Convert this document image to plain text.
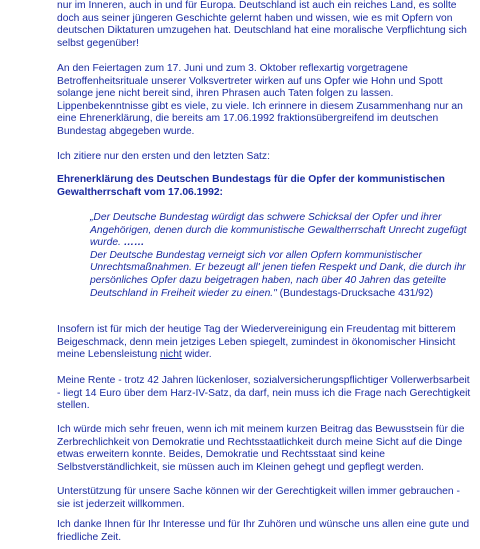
nur im Inneren, auch in und für Europa. Deutschland ist auch ein reiches Land, es sollte doch aus seiner jüngeren Geschichte gelernt haben und wissen, wie es mit Opfern von deutschen Diktaturen umzugehen hat. Deutschland hat eine moralische Verpflichtung sich selbst gegenüber!

An den Feiertagen zum 17. Juni und zum 3. Oktober reflexartig vorgetragene Betroffenheitsrituale unserer Volksvertreter wirken auf uns Opfer wie Hohn und Spott solange jene nicht bereit sind, ihren Phrasen auch Taten folgen zu lassen. Lippenbekenntnisse gibt es viele, zu viele. Ich erinnere in diesem Zusammenhang nur an eine Ehrenerklärung, die bereits am 17.06.1992 fraktionsübergreifend im deutschen Bundestag abgegeben wurde.

Ich zitiere nur den ersten und den letzten Satz:

Ehrenerklärung des Deutschen Bundestags für die Opfer der kommunistischen Gewaltherrschaft vom 17.06.1992:

„Der Deutsche Bundestag würdigt das schwere Schicksal der Opfer und ihrer Angehörigen, denen durch die kommunistische Gewaltherrschaft Unrecht zugefügt wurde. ……
Der Deutsche Bundestag verneigt sich vor allen Opfern kommunistischer Unrechtsmaßnahmen. Er bezeugt all' jenen tiefen Respekt und Dank, die durch ihr persönliches Opfer dazu beigetragen haben, nach über 40 Jahren das geteilte Deutschland in Freiheit wieder zu einen." (Bundestags-Drucksache 431/92)

Insofern ist für mich der heutige Tag der Wiedervereinigung ein Freudentag mit bitterem Beigeschmack, denn mein jetziges Leben spiegelt, zumindest in ökonomischer Hinsicht meine Lebensleistung nicht wider.

Meine Rente - trotz 42 Jahren lückenloser, sozialversicherungspflichtiger Vollerwerbsarbeit - liegt 14 Euro über dem Harz-IV-Satz, da darf, nein muss ich die Frage nach Gerechtigkeit stellen.

Ich würde mich sehr freuen, wenn ich mit meinem kurzen Beitrag das Bewusstsein für die Zerbrechlichkeit von Demokratie und Rechtsstaatlichkeit durch meine Sicht auf die Dinge etwas erweitern konnte. Beides, Demokratie und Rechtsstaat sind keine Selbstverständlichkeit, sie müssen auch im Kleinen gehegt und gepflegt werden.

Unterstützung für unsere Sache können wir der Gerechtigkeit willen immer gebrauchen - sie ist jederzeit willkommen.

Ich danke Ihnen für Ihr Interesse und für Ihr Zuhören und wünsche uns allen eine gute und friedliche Zeit.
